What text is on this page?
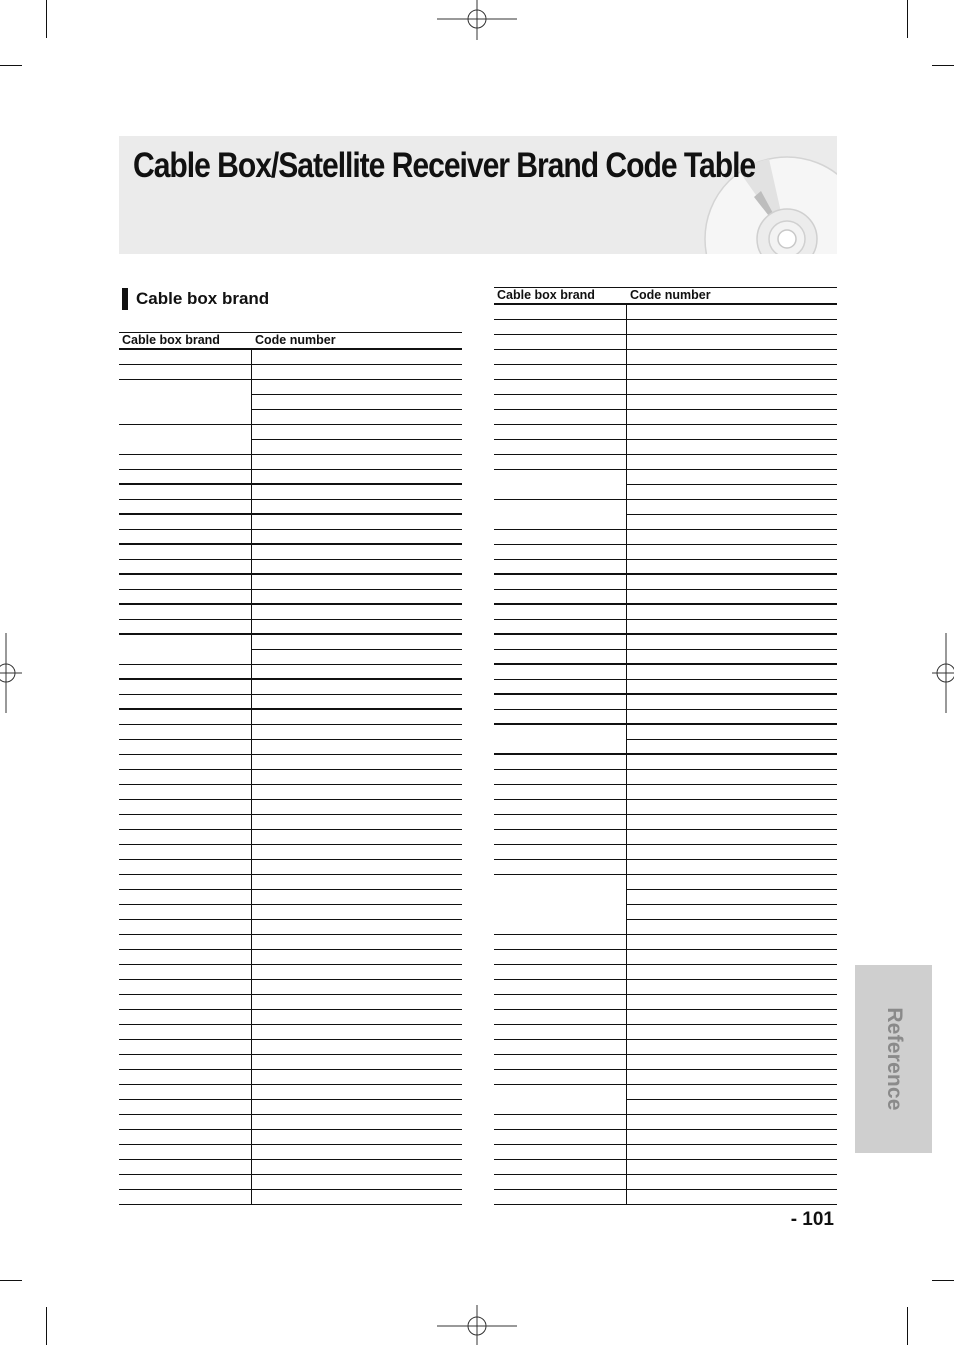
Cable Box/Satellite Receiver Brand Code Table
Cable box brand
Cable box brand	Code number
Cable box brand	Code number
Reference
- 101
